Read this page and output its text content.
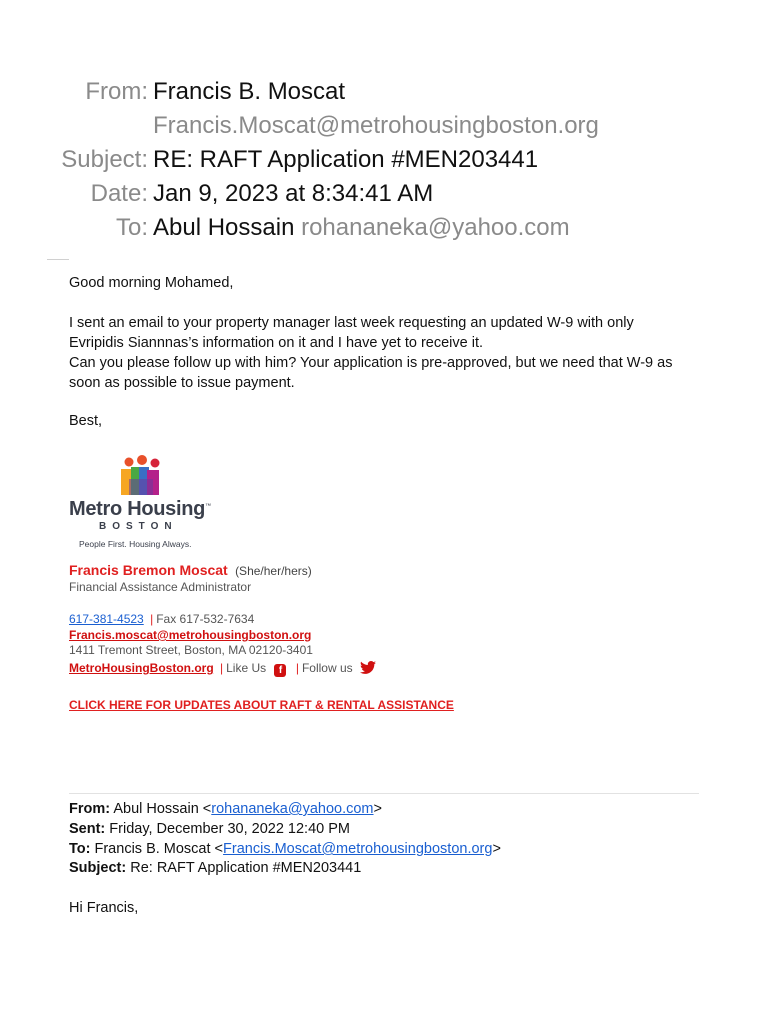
From: Francis B. Moscat
Francis.Moscat@metrohousingboston.org
Subject: RE: RAFT Application #MEN203441
Date: Jan 9, 2023 at 8:34:41 AM
To: Abul Hossain rohananeka@yahoo.com
Good morning Mohamed,
I sent an email to your property manager last week requesting an updated W-9 with only
Evripidis Siannnas’s information on it and I have yet to receive it.
Can you please follow up with him? Your application is pre-approved, but we need that W-9 as
soon as possible to issue payment.
Best,
Metro Housing™
BOSTON
People First. Housing Always.
Francis Bremon Moscat (She/her/hers)
Financial Assistance Administrator
617-381-4523 | Fax 617-532-7634
Francis.moscat@metrohousingboston.org
1411 Tremont Street, Boston, MA 02120-3401
MetroHousingBoston.org | Like Us f | Follow us
CLICK HERE FOR UPDATES ABOUT RAFT & RENTAL ASSISTANCE
From: Abul Hossain <rohananeka@yahoo.com>
Sent: Friday, December 30, 2022 12:40 PM
To: Francis B. Moscat <Francis.Moscat@metrohousingboston.org>
Subject: Re: RAFT Application #MEN203441
Hi Francis,
